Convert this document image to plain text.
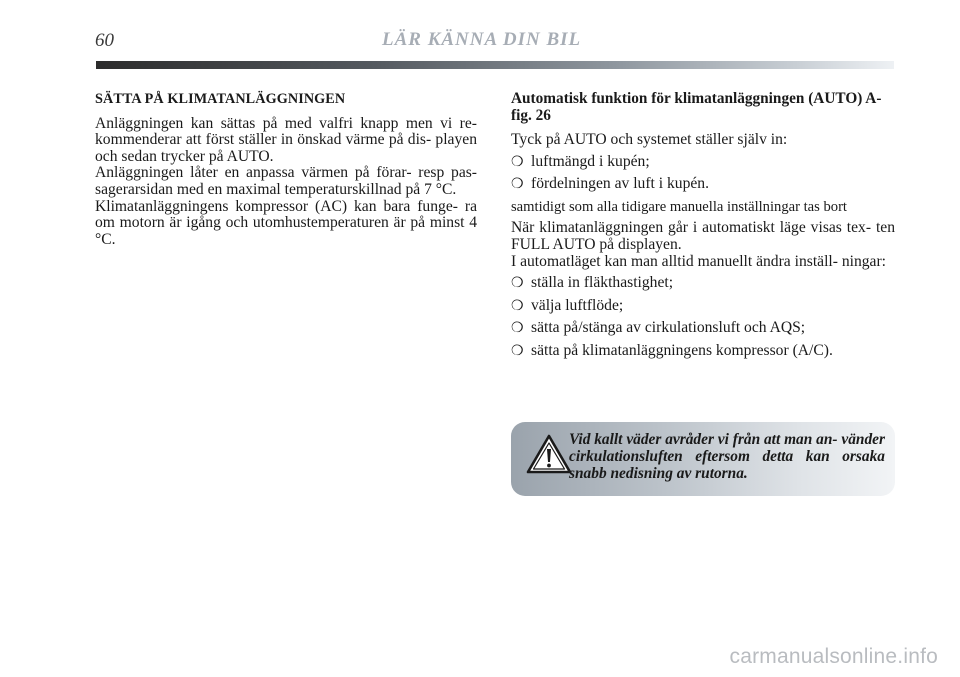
60	LÄR KÄNNA DIN BIL
SÄTTA PÅ KLIMATANLÄGGNINGEN

Anläggningen kan sättas på med valfri knapp men vi re- kommenderar att först ställer in önskad värme på dis- playen och sedan trycker på AUTO.

Anläggningen låter en anpassa värmen på förar- resp pas- sagerarsidan med en maximal temperaturskillnad på 7 °C.

Klimatanläggningens kompressor (AC) kan bara funge- ra om motorn är igång och utomhustemperaturen är på minst 4 °C.

Automatisk funktion för klimatanläggningen (AUTO) A-fig. 26

Tyck på AUTO och systemet ställer själv in:

❍ luftmängd i kupén;
❍ fördelningen av luft i kupén.
samtidigt som alla tidigare manuella inställningar tas bort

När klimatanläggningen går i automatiskt läge visas tex- ten FULL AUTO på displayen.

I automatläget kan man alltid manuellt ändra inställ- ningar:

❍ ställa in fläkthastighet;
❍ välja luftflöde;
❍ sätta på/stänga av cirkulationsluft och AQS;
❍ sätta på klimatanläggningens kompressor (A/C).
Vid kallt väder avråder vi från att man an- vänder cirkulationsluften eftersom detta kan orsaka snabb nedisning av rutorna.
carmanualsonline.info
